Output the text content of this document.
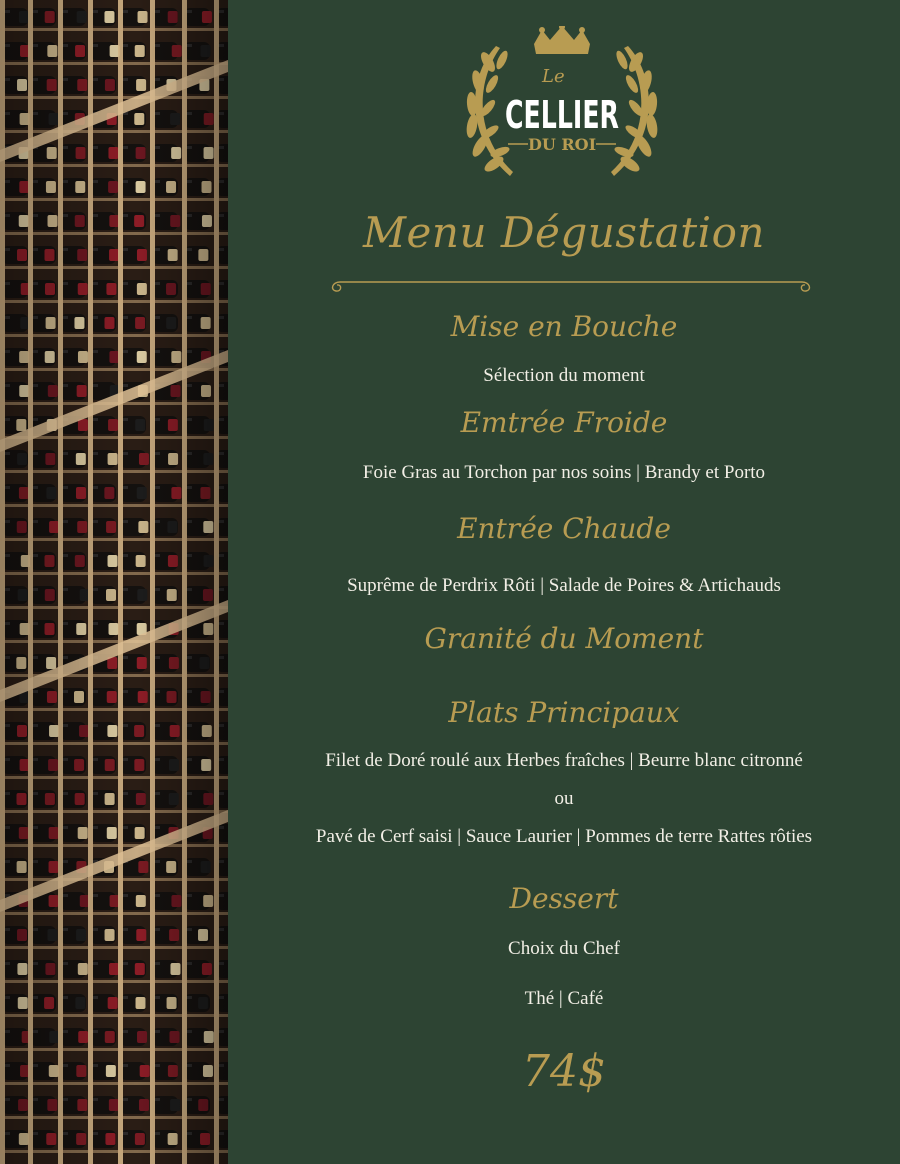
Le
CELLIER
DU ROI
Menu Dégustation
Mise en Bouche
Sélection du moment
Emtrée Froide
Foie Gras au Torchon par nos soins | Brandy et Porto
Entrée Chaude
Suprême de Perdrix Rôti | Salade de Poires & Artichauds
Granité du Moment
Plats Principaux
Filet de Doré roulé aux Herbes fraîches | Beurre blanc citronné
ou
Pavé de Cerf saisi | Sauce Laurier | Pommes de terre Rattes rôties
Dessert
Choix du Chef
Thé | Café
74$
